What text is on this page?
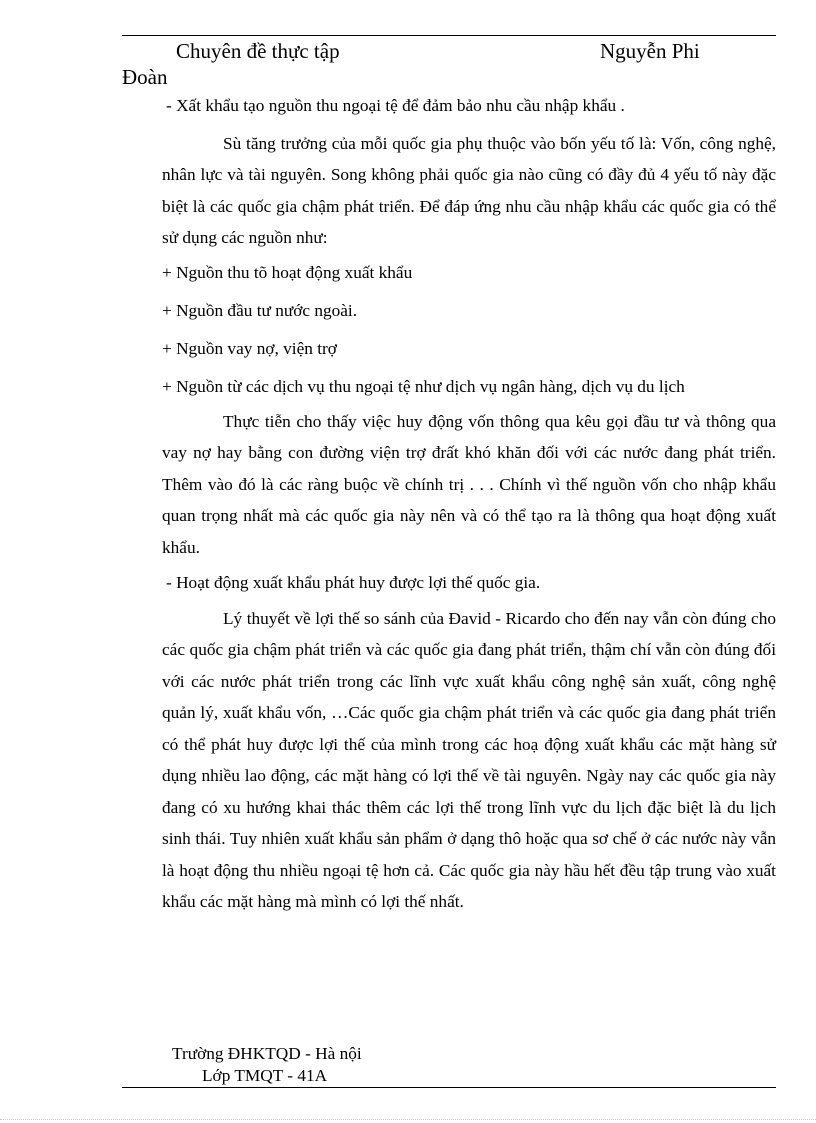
Chuyên đề thực tập	Nguyễn Phi
Đoàn

- Xất khẩu tạo nguồn thu ngoại tệ để đảm bảo nhu cầu nhập khẩu .

Sù tăng trưởng của mỗi quốc gia phụ thuộc vào bốn yếu tố là: Vốn, công nghệ, nhân lực và tài nguyên. Song không phải quốc gia nào cũng có đầy đủ 4 yếu tố này đặc biệt là các quốc gia chậm phát triển. Để đáp ứng nhu cầu nhập khẩu các quốc gia có thể sử dụng các nguồn như:

+ Nguồn thu tõ hoạt động xuất khẩu

+ Nguồn đầu tư nước ngoài.

+ Nguồn vay nợ, viện trợ

+ Nguồn từ các dịch vụ thu ngoại tệ như dịch vụ ngân hàng, dịch vụ du lịch

Thực tiễn cho thấy việc huy động vốn thông qua kêu gọi đầu tư và thông qua vay nợ hay bằng con đường viện trợ đrất khó khăn đối với các nước đang phát triển. Thêm vào đó là các ràng buộc về chính trị . . . Chính vì thế nguồn vốn cho nhập khẩu quan trọng nhất mà các quốc gia này nên và có thể tạo ra là thông qua hoạt động xuất khẩu.

- Hoạt động xuất khẩu phát huy được lợi thế quốc gia.

Lý thuyết về lợi thế so sánh của Đavid - Ricardo cho đến nay vẫn còn đúng cho các quốc gia chậm phát triển và các quốc gia đang phát triển, thậm chí vẫn còn đúng đối với các nước phát triển trong các lĩnh vực xuất khẩu công nghệ sản xuất, công nghệ quản lý, xuất khẩu vốn, …Các quốc gia chậm phát triển và các quốc gia đang phát triển có thể phát huy được lợi thế của mình trong các hoạ động xuất khẩu các mặt hàng sử dụng nhiều lao động, các mặt hàng có lợi thế về tài nguyên. Ngày nay các quốc gia này đang có xu hướng khai thác thêm các lợi thế trong lĩnh vực du lịch đặc biệt là du lịch sinh thái. Tuy nhiên xuất khẩu sản phẩm ở dạng thô hoặc qua sơ chế ở các nước này vẫn là hoạt động thu nhiều ngoại tệ hơn cả. Các quốc gia này hầu hết đều tập trung vào xuất khẩu các mặt hàng mà mình có lợi thế nhất.

Trường ĐHKTQD - Hà nội
Lớp TMQT - 41A
